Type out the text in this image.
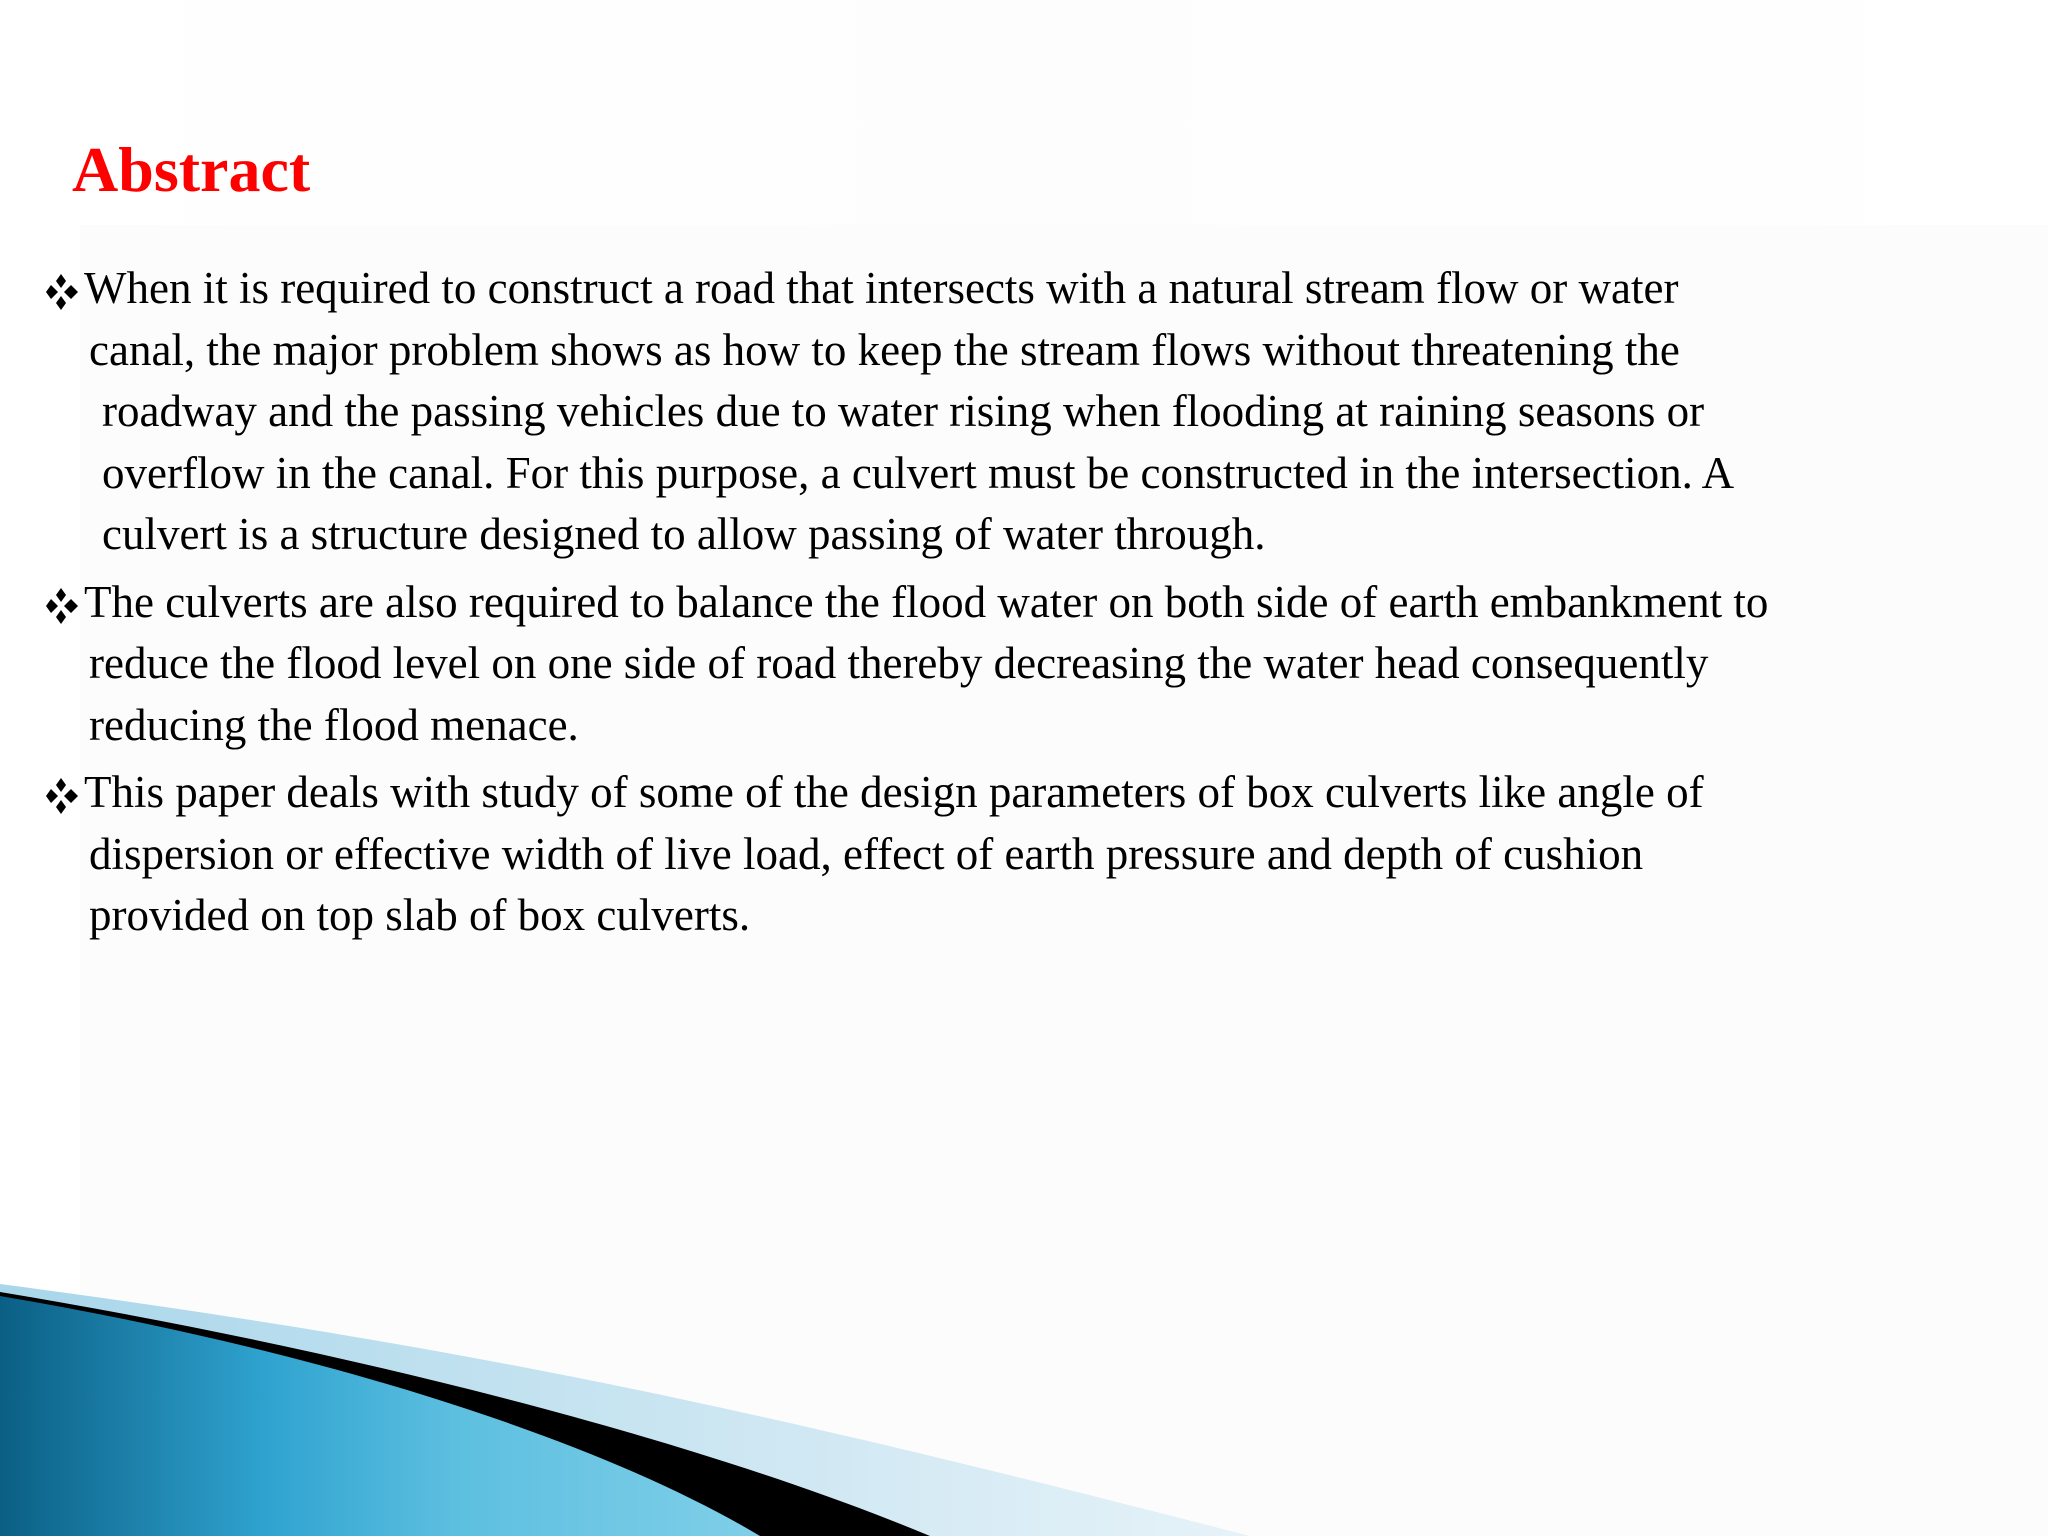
Abstract
When it is required to construct a road that intersects with a natural stream flow or water
canal, the major problem shows as how to keep the stream flows without threatening the
roadway and the passing vehicles due to water rising when flooding at raining seasons or
overflow in the canal. For this purpose, a culvert must be constructed in the intersection. A
culvert is a structure designed to allow passing of water through.
The culverts are also required to balance the flood water on both side of earth embankment to
reduce the flood level on one side of road thereby decreasing the water head consequently
reducing the flood menace.
This paper deals with study of some of the design parameters of box culverts like angle of
dispersion or effective width of live load, effect of earth pressure and depth of cushion
provided on top slab of box culverts.
